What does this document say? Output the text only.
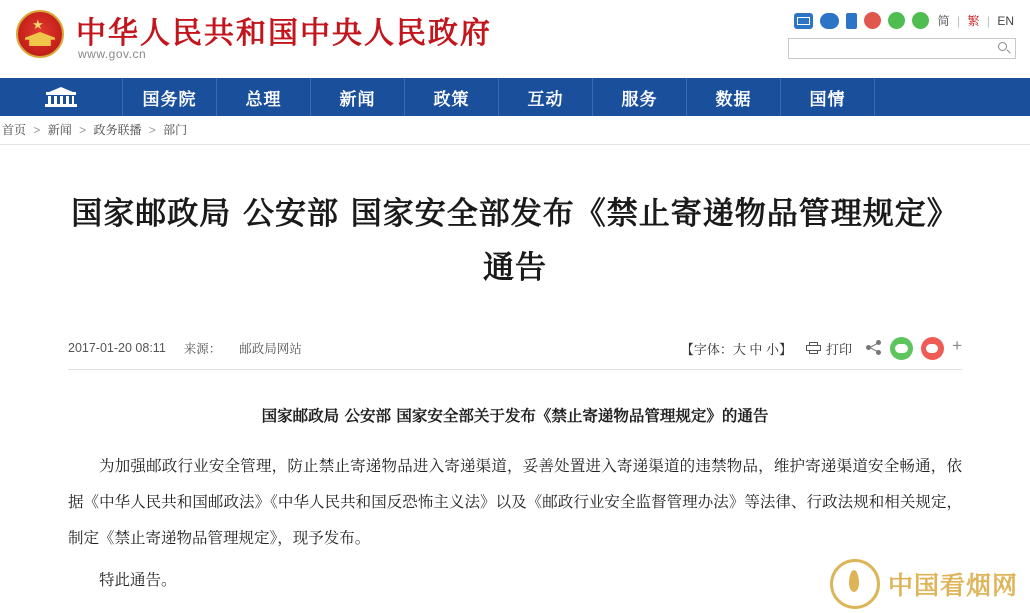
★ 中华人民共和国中央人民政府
www.gov.cn
简 | 繁 | EN
国务院	总理	新闻	政策	互动	服务	数据	国情
首页 > 新闻 > 政务联播 > 部门
国家邮政局 公安部 国家安全部发布《禁止寄递物品管理规定》通告
2017-01-20 08:11 来源： 邮政局网站	【字体：大 中 小】	打印	+
国家邮政局 公安部 国家安全部关于发布《禁止寄递物品管理规定》的通告

为加强邮政行业安全管理，防止禁止寄递物品进入寄递渠道，妥善处置进入寄递渠道的违禁物品，维护寄递渠道安全畅通，依据《中华人民共和国邮政法》《中华人民共和国反恐怖主义法》以及《邮政行业安全监督管理办法》等法律、行政法规和相关规定，制定《禁止寄递物品管理规定》，现予发布。

特此通告。	中国看烟网
